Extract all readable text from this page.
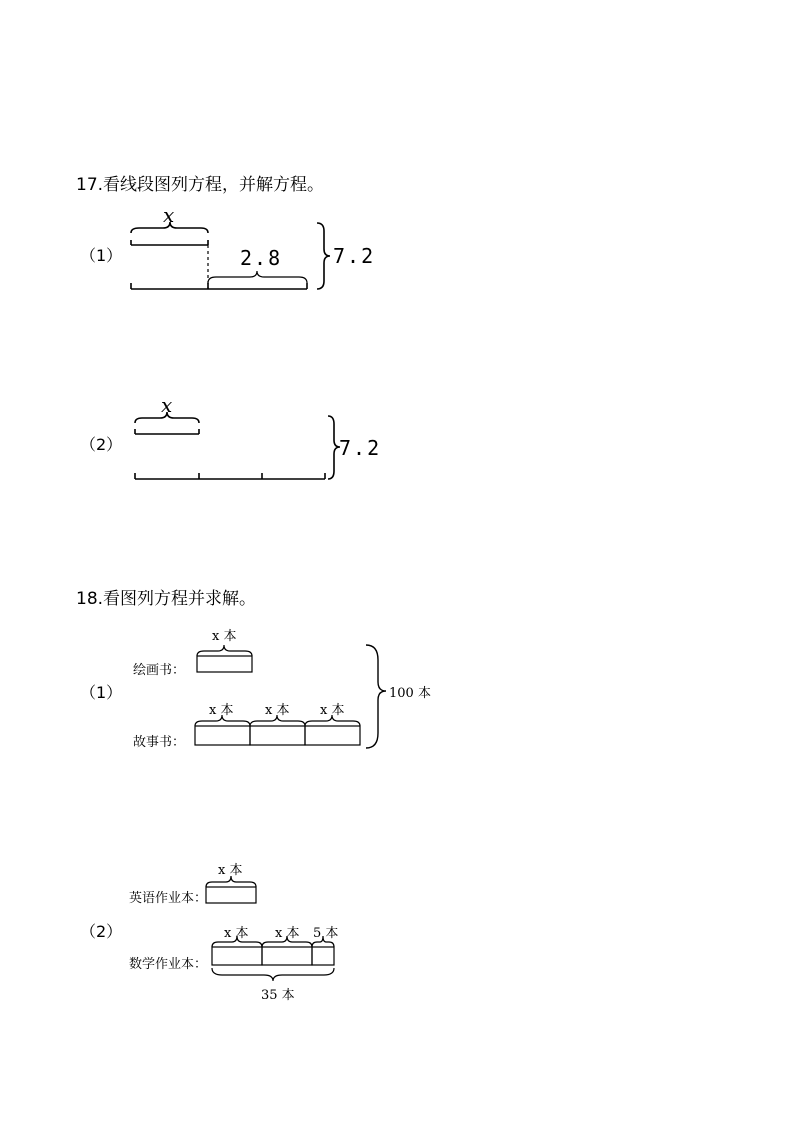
17.看线段图列方程，并解方程。
（1）
x
2.8	7.2
（2）
x
7.2
18.看图列方程并求解。
（1）
绘画书：
x 本
故事书：
x 本 x 本 x 本
100 本
（2）
英语作业本：
x 本
数学作业本：
x 本 x 本 5 本
35 本
